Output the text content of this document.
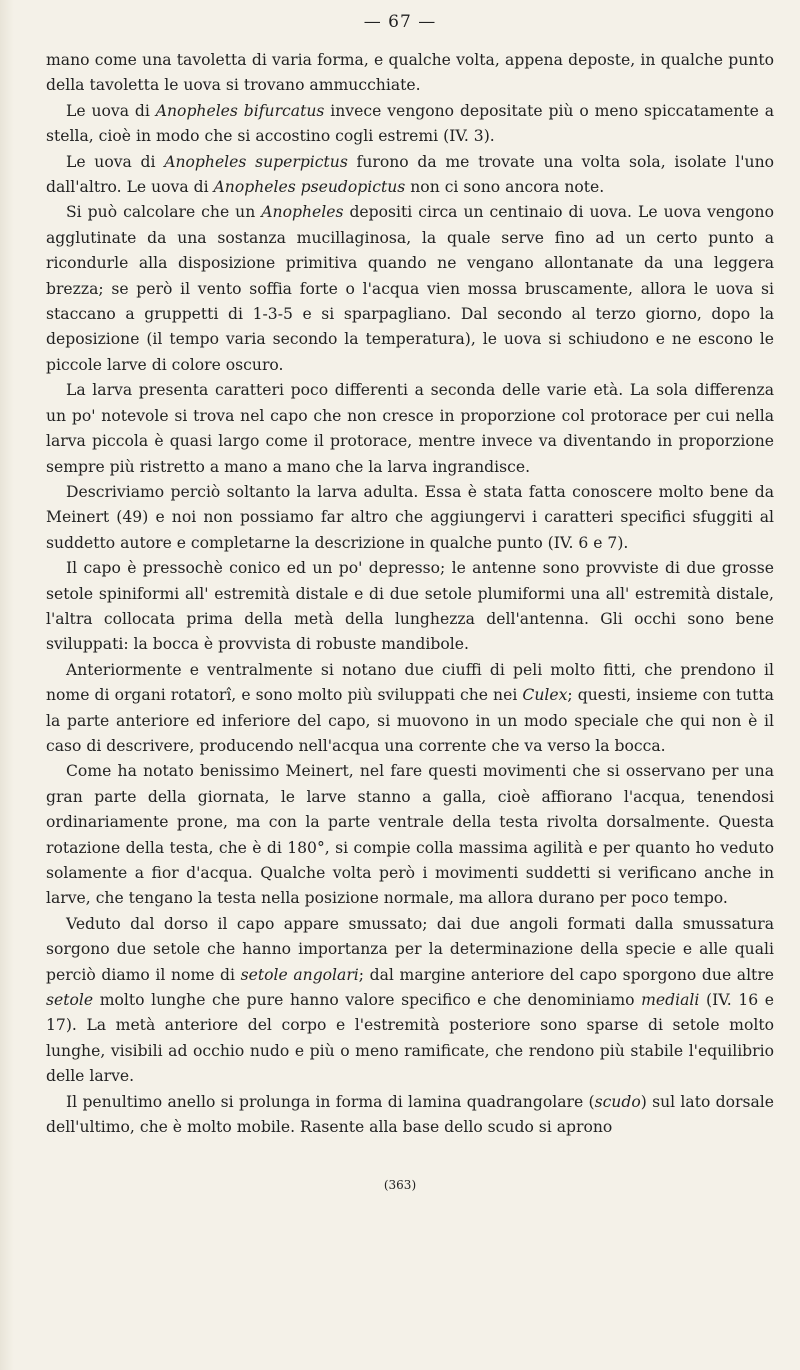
— 67 —

mano come una tavoletta di varia forma, e qualche volta, appena deposte, in qualche punto della tavoletta le uova si trovano ammucchiate.

Le uova di Anopheles bifurcatus invece vengono depositate più o meno spiccatamente a stella, cioè in modo che si accostino cogli estremi (IV. 3).

Le uova di Anopheles superpictus furono da me trovate una volta sola, isolate l'uno dall'altro. Le uova di Anopheles pseudopictus non ci sono ancora note.

Si può calcolare che un Anopheles depositi circa un centinaio di uova. Le uova vengono agglutinate da una sostanza mucillaginosa, la quale serve fino ad un certo punto a ricondurle alla disposizione primitiva quando ne vengano allontanate da una leggera brezza; se però il vento soffia forte o l'acqua vien mossa bruscamente, allora le uova si staccano a gruppetti di 1-3-5 e si sparpagliano. Dal secondo al terzo giorno, dopo la deposizione (il tempo varia secondo la temperatura), le uova si schiudono e ne escono le piccole larve di colore oscuro.

La larva presenta caratteri poco differenti a seconda delle varie età. La sola differenza un po' notevole si trova nel capo che non cresce in proporzione col protorace per cui nella larva piccola è quasi largo come il protorace, mentre invece va diventando in proporzione sempre più ristretto a mano a mano che la larva ingrandisce.

Descriviamo perciò soltanto la larva adulta. Essa è stata fatta conoscere molto bene da Meinert (49) e noi non possiamo far altro che aggiungervi i caratteri specifici sfuggiti al suddetto autore e completarne la descrizione in qualche punto (IV. 6 e 7).

Il capo è pressochè conico ed un po' depresso; le antenne sono provviste di due grosse setole spiniformi all' estremità distale e di due setole plumiformi una all' estremità distale, l'altra collocata prima della metà della lunghezza dell'antenna. Gli occhi sono bene sviluppati: la bocca è provvista di robuste mandibole.

Anteriormente e ventralmente si notano due ciuffi di peli molto fitti, che prendono il nome di organi rotatorî, e sono molto più sviluppati che nei Culex; questi, insieme con tutta la parte anteriore ed inferiore del capo, si muovono in un modo speciale che qui non è il caso di descrivere, producendo nell'acqua una corrente che va verso la bocca.

Come ha notato benissimo Meinert, nel fare questi movimenti che si osservano per una gran parte della giornata, le larve stanno a galla, cioè affiorano l'acqua, tenendosi ordinariamente prone, ma con la parte ventrale della testa rivolta dorsalmente. Questa rotazione della testa, che è di 180°, si compie colla massima agilità e per quanto ho veduto solamente a fior d'acqua. Qualche volta però i movimenti suddetti si verificano anche in larve, che tengano la testa nella posizione normale, ma allora durano per poco tempo.

Veduto dal dorso il capo appare smussato; dai due angoli formati dalla smussatura sorgono due setole che hanno importanza per la determinazione della specie e alle quali perciò diamo il nome di setole angolari; dal margine anteriore del capo sporgono due altre setole molto lunghe che pure hanno valore specifico e che denominiamo mediali (IV. 16 e 17). La metà anteriore del corpo e l'estremità posteriore sono sparse di setole molto lunghe, visibili ad occhio nudo e più o meno ramificate, che rendono più stabile l'equilibrio delle larve.

Il penultimo anello si prolunga in forma di lamina quadrangolare (scudo) sul lato dorsale dell'ultimo, che è molto mobile. Rasente alla base dello scudo si aprono

(363)
